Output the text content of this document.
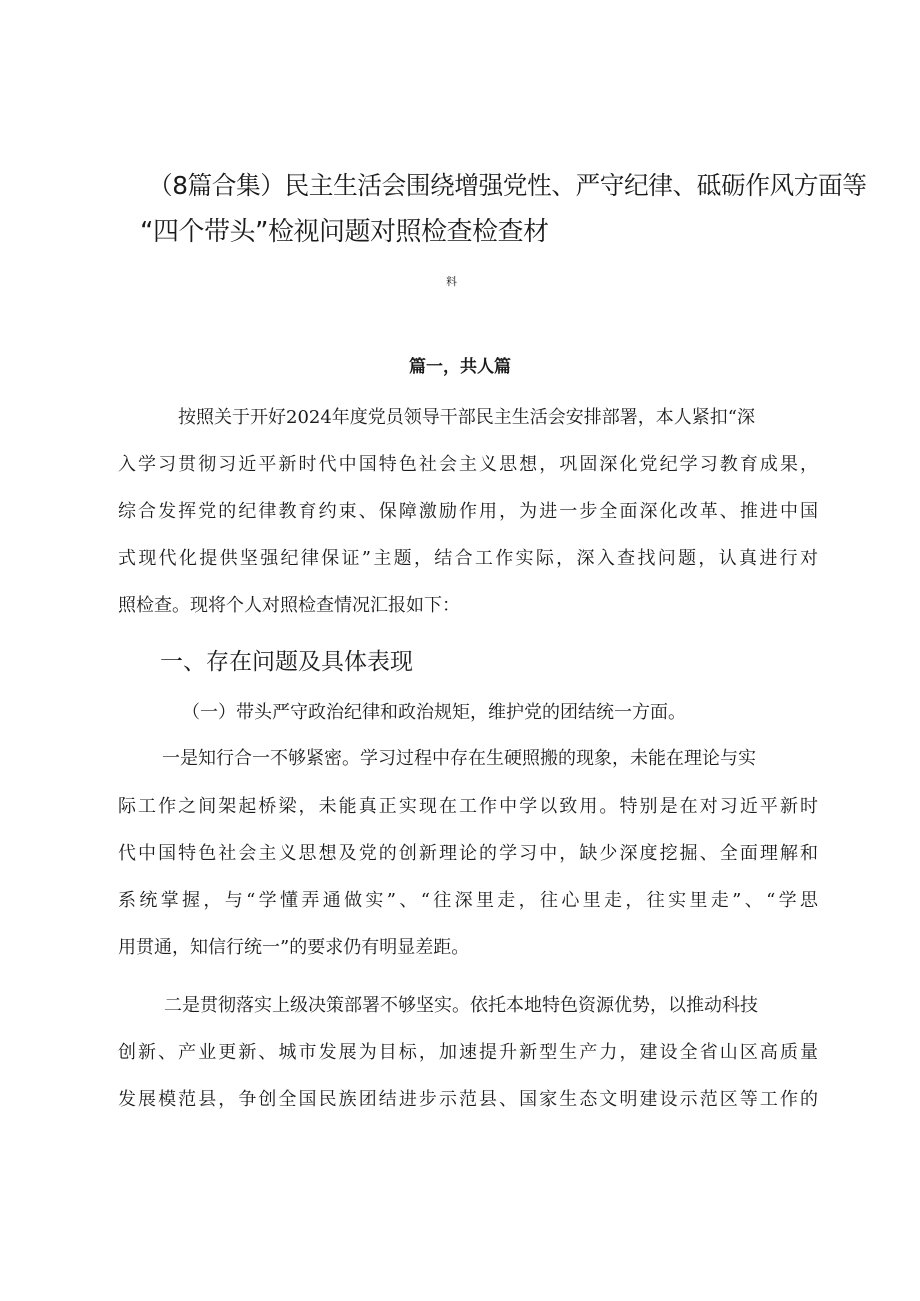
（8篇合集）民主生活会围绕增强党性、严守纪律、砥砺作风方面等
“四个带头”检视问题对照检查检查材
料
篇一，共人篇
按照关于开好2024年度党员领导干部民主生活会安排部署，本人紧扣“深
入学习贯彻习近平新时代中国特色社会主义思想，巩固深化党纪学习教育成果，
综合发挥党的纪律教育约束、保障激励作用，为进一步全面深化改革、推进中国
式现代化提供坚强纪律保证”主题，结合工作实际，深入查找问题，认真进行对
照检查。现将个人对照检查情况汇报如下：
一、存在问题及具体表现
（一）带头严守政治纪律和政治规矩，维护党的团结统一方面。
一是知行合一不够紧密。学习过程中存在生硬照搬的现象，未能在理论与实
际工作之间架起桥梁，未能真正实现在工作中学以致用。特别是在对习近平新时
代中国特色社会主义思想及党的创新理论的学习中，缺少深度挖掘、全面理解和
系统掌握，与“学懂弄通做实”、“往深里走，往心里走，往实里走”、“学思
用贯通，知信行统一”的要求仍有明显差距。
二是贯彻落实上级决策部署不够坚实。依托本地特色资源优势，以推动科技
创新、产业更新、城市发展为目标，加速提升新型生产力，建设全省山区高质量
发展模范县，争创全国民族团结进步示范县、国家生态文明建设示范区等工作的
